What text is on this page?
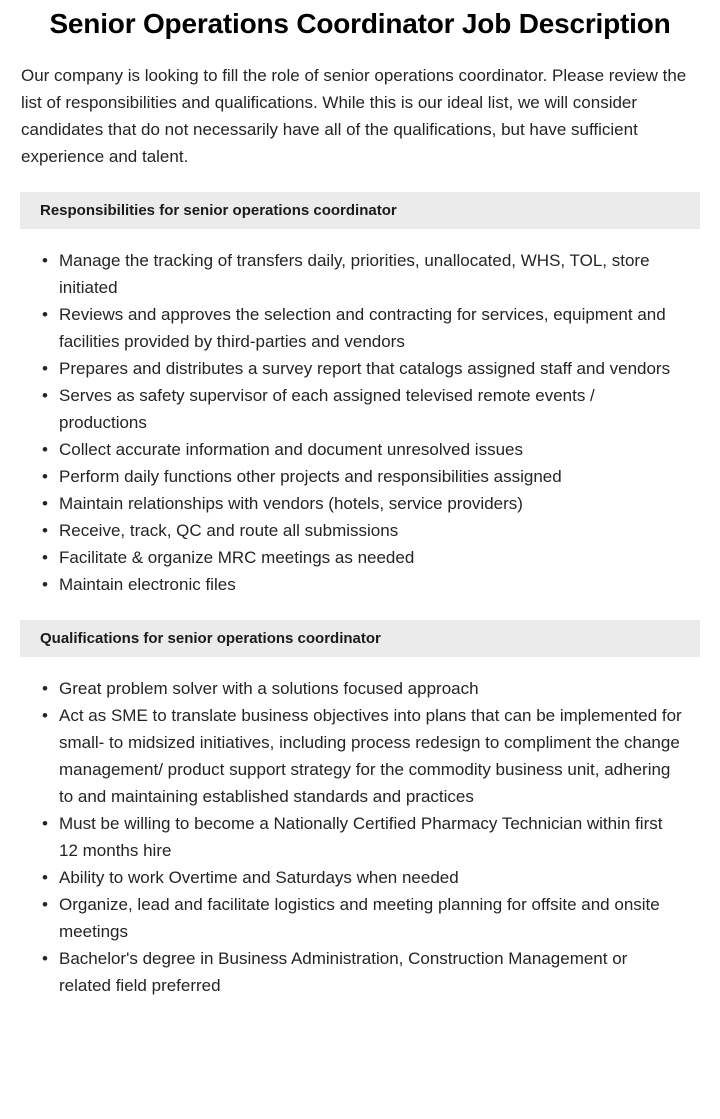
Senior Operations Coordinator Job Description

Our company is looking to fill the role of senior operations coordinator. Please review the list of responsibilities and qualifications. While this is our ideal list, we will consider candidates that do not necessarily have all of the qualifications, but have sufficient experience and talent.

Responsibilities for senior operations coordinator
• Manage the tracking of transfers daily, priorities, unallocated, WHS, TOL, store initiated
• Reviews and approves the selection and contracting for services, equipment and facilities provided by third-parties and vendors
• Prepares and distributes a survey report that catalogs assigned staff and vendors
• Serves as safety supervisor of each assigned televised remote events / productions
• Collect accurate information and document unresolved issues
• Perform daily functions other projects and responsibilities assigned
• Maintain relationships with vendors (hotels, service providers)
• Receive, track, QC and route all submissions
• Facilitate & organize MRC meetings as needed
• Maintain electronic files
Qualifications for senior operations coordinator
• Great problem solver with a solutions focused approach
• Act as SME to translate business objectives into plans that can be implemented for small- to midsized initiatives, including process redesign to compliment the change management/ product support strategy for the commodity business unit, adhering to and maintaining established standards and practices
• Must be willing to become a Nationally Certified Pharmacy Technician within first 12 months hire
• Ability to work Overtime and Saturdays when needed
• Organize, lead and facilitate logistics and meeting planning for offsite and onsite meetings
• Bachelor's degree in Business Administration, Construction Management or related field preferred
